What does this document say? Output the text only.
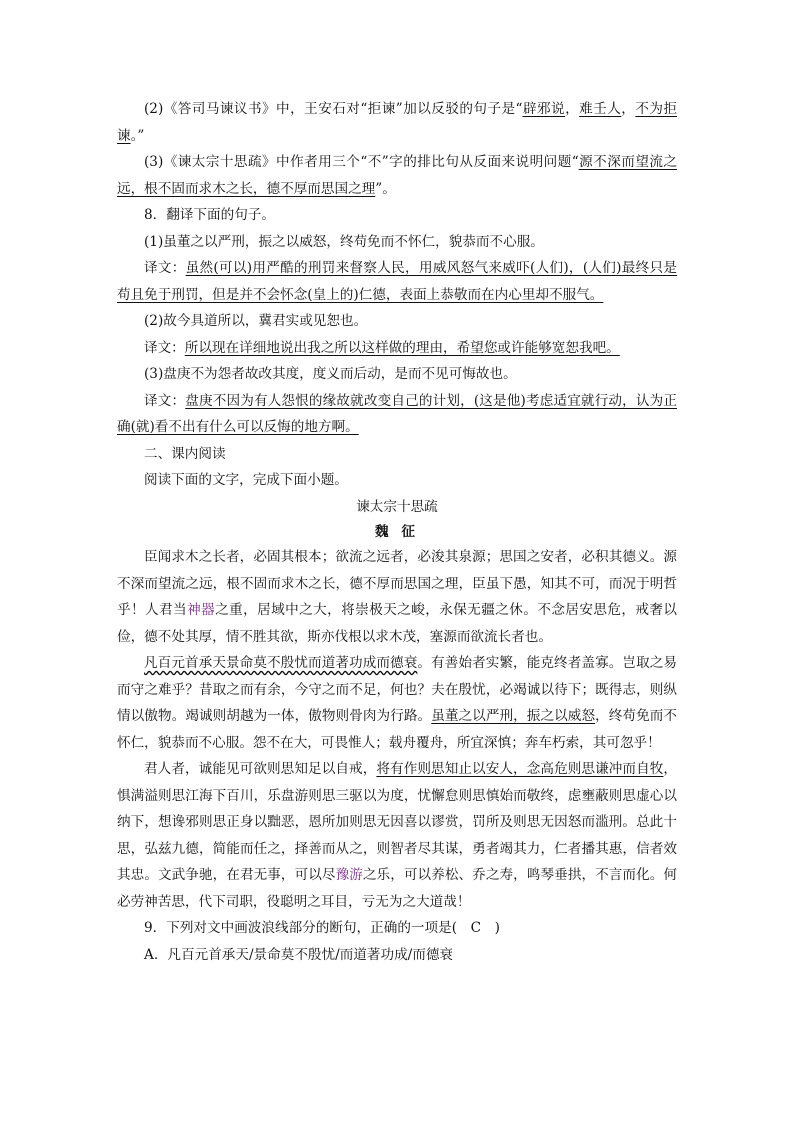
(2)《答司马谏议书》中，王安石对“拒谏”加以反驳的句子是“辟邪说，难壬人，不为拒谏。”

(3)《谏太宗十思疏》中作者用三个“不”字的排比句从反面来说明问题“源不深而望流之远，根不固而求木之长，德不厚而思国之理”。

8．翻译下面的句子。

(1)虽董之以严刑，振之以威怒，终苟免而不怀仁，貌恭而不心服。

译文：虽然(可以)用严酷的刑罚来督察人民，用威风怒气来威吓(人们)，(人们)最终只是苟且免于刑罚，但是并不会怀念(皇上的)仁德，表面上恭敬而在内心里却不服气。

(2)故今具道所以，冀君实或见恕也。

译文：所以现在详细地说出我之所以这样做的理由，希望您或许能够宽恕我吧。

(3)盘庚不为怨者故改其度，度义而后动，是而不见可悔故也。

译文：盘庚不因为有人怨恨的缘故就改变自己的计划，(这是他)考虑适宜就行动，认为正确(就)看不出有什么可以反悔的地方啊。

二、课内阅读

阅读下面的文字，完成下面小题。

谏太宗十思疏

魏 征

臣闻求木之长者，必固其根本；欲流之远者，必浚其泉源；思国之安者，必积其德义。源不深而望流之远，根不固而求木之长，德不厚而思国之理，臣虽下愚，知其不可，而况于明哲乎！人君当神器之重，居域中之大，将崇极天之峻，永保无疆之休。不念居安思危，戒奢以俭，德不处其厚，情不胜其欲，斯亦伐根以求木茂，塞源而欲流长者也。

凡百元首承天景命莫不殷忧而道著功成而德衰。有善始者实繁，能克终者盖寡。岂取之易而守之难乎？昔取之而有余，今守之而不足，何也？夫在殷忧，必竭诚以待下；既得志，则纵情以傲物。竭诚则胡越为一体，傲物则骨肉为行路。虽董之以严刑，振之以威怒，终苟免而不怀仁，貌恭而不心服。怨不在大，可畏惟人；载舟覆舟，所宜深慎；奔车朽索，其可忽乎！

君人者，诚能见可欲则思知足以自戒，将有作则思知止以安人，念高危则思谦冲而自牧，惧满溢则思江海下百川，乐盘游则思三驱以为度，忧懈怠则思慎始而敬终，虑壅蔽则思虚心以纳下，想谗邪则思正身以黜恶，恩所加则思无因喜以谬赏，罚所及则思无因怒而滥刑。总此十思，弘兹九德，简能而任之，择善而从之，则智者尽其谋，勇者竭其力，仁者播其惠，信者效其忠。文武争驰，在君无事，可以尽豫游之乐，可以养松、乔之寿，鸣琴垂拱，不言而化。何必劳神苦思，代下司职，役聪明之耳目，亏无为之大道哉！

9．下列对文中画波浪线部分的断句，正确的一项是(　C　)

A．凡百元首承天/景命莫不殷忧/而道著功成/而德衰
